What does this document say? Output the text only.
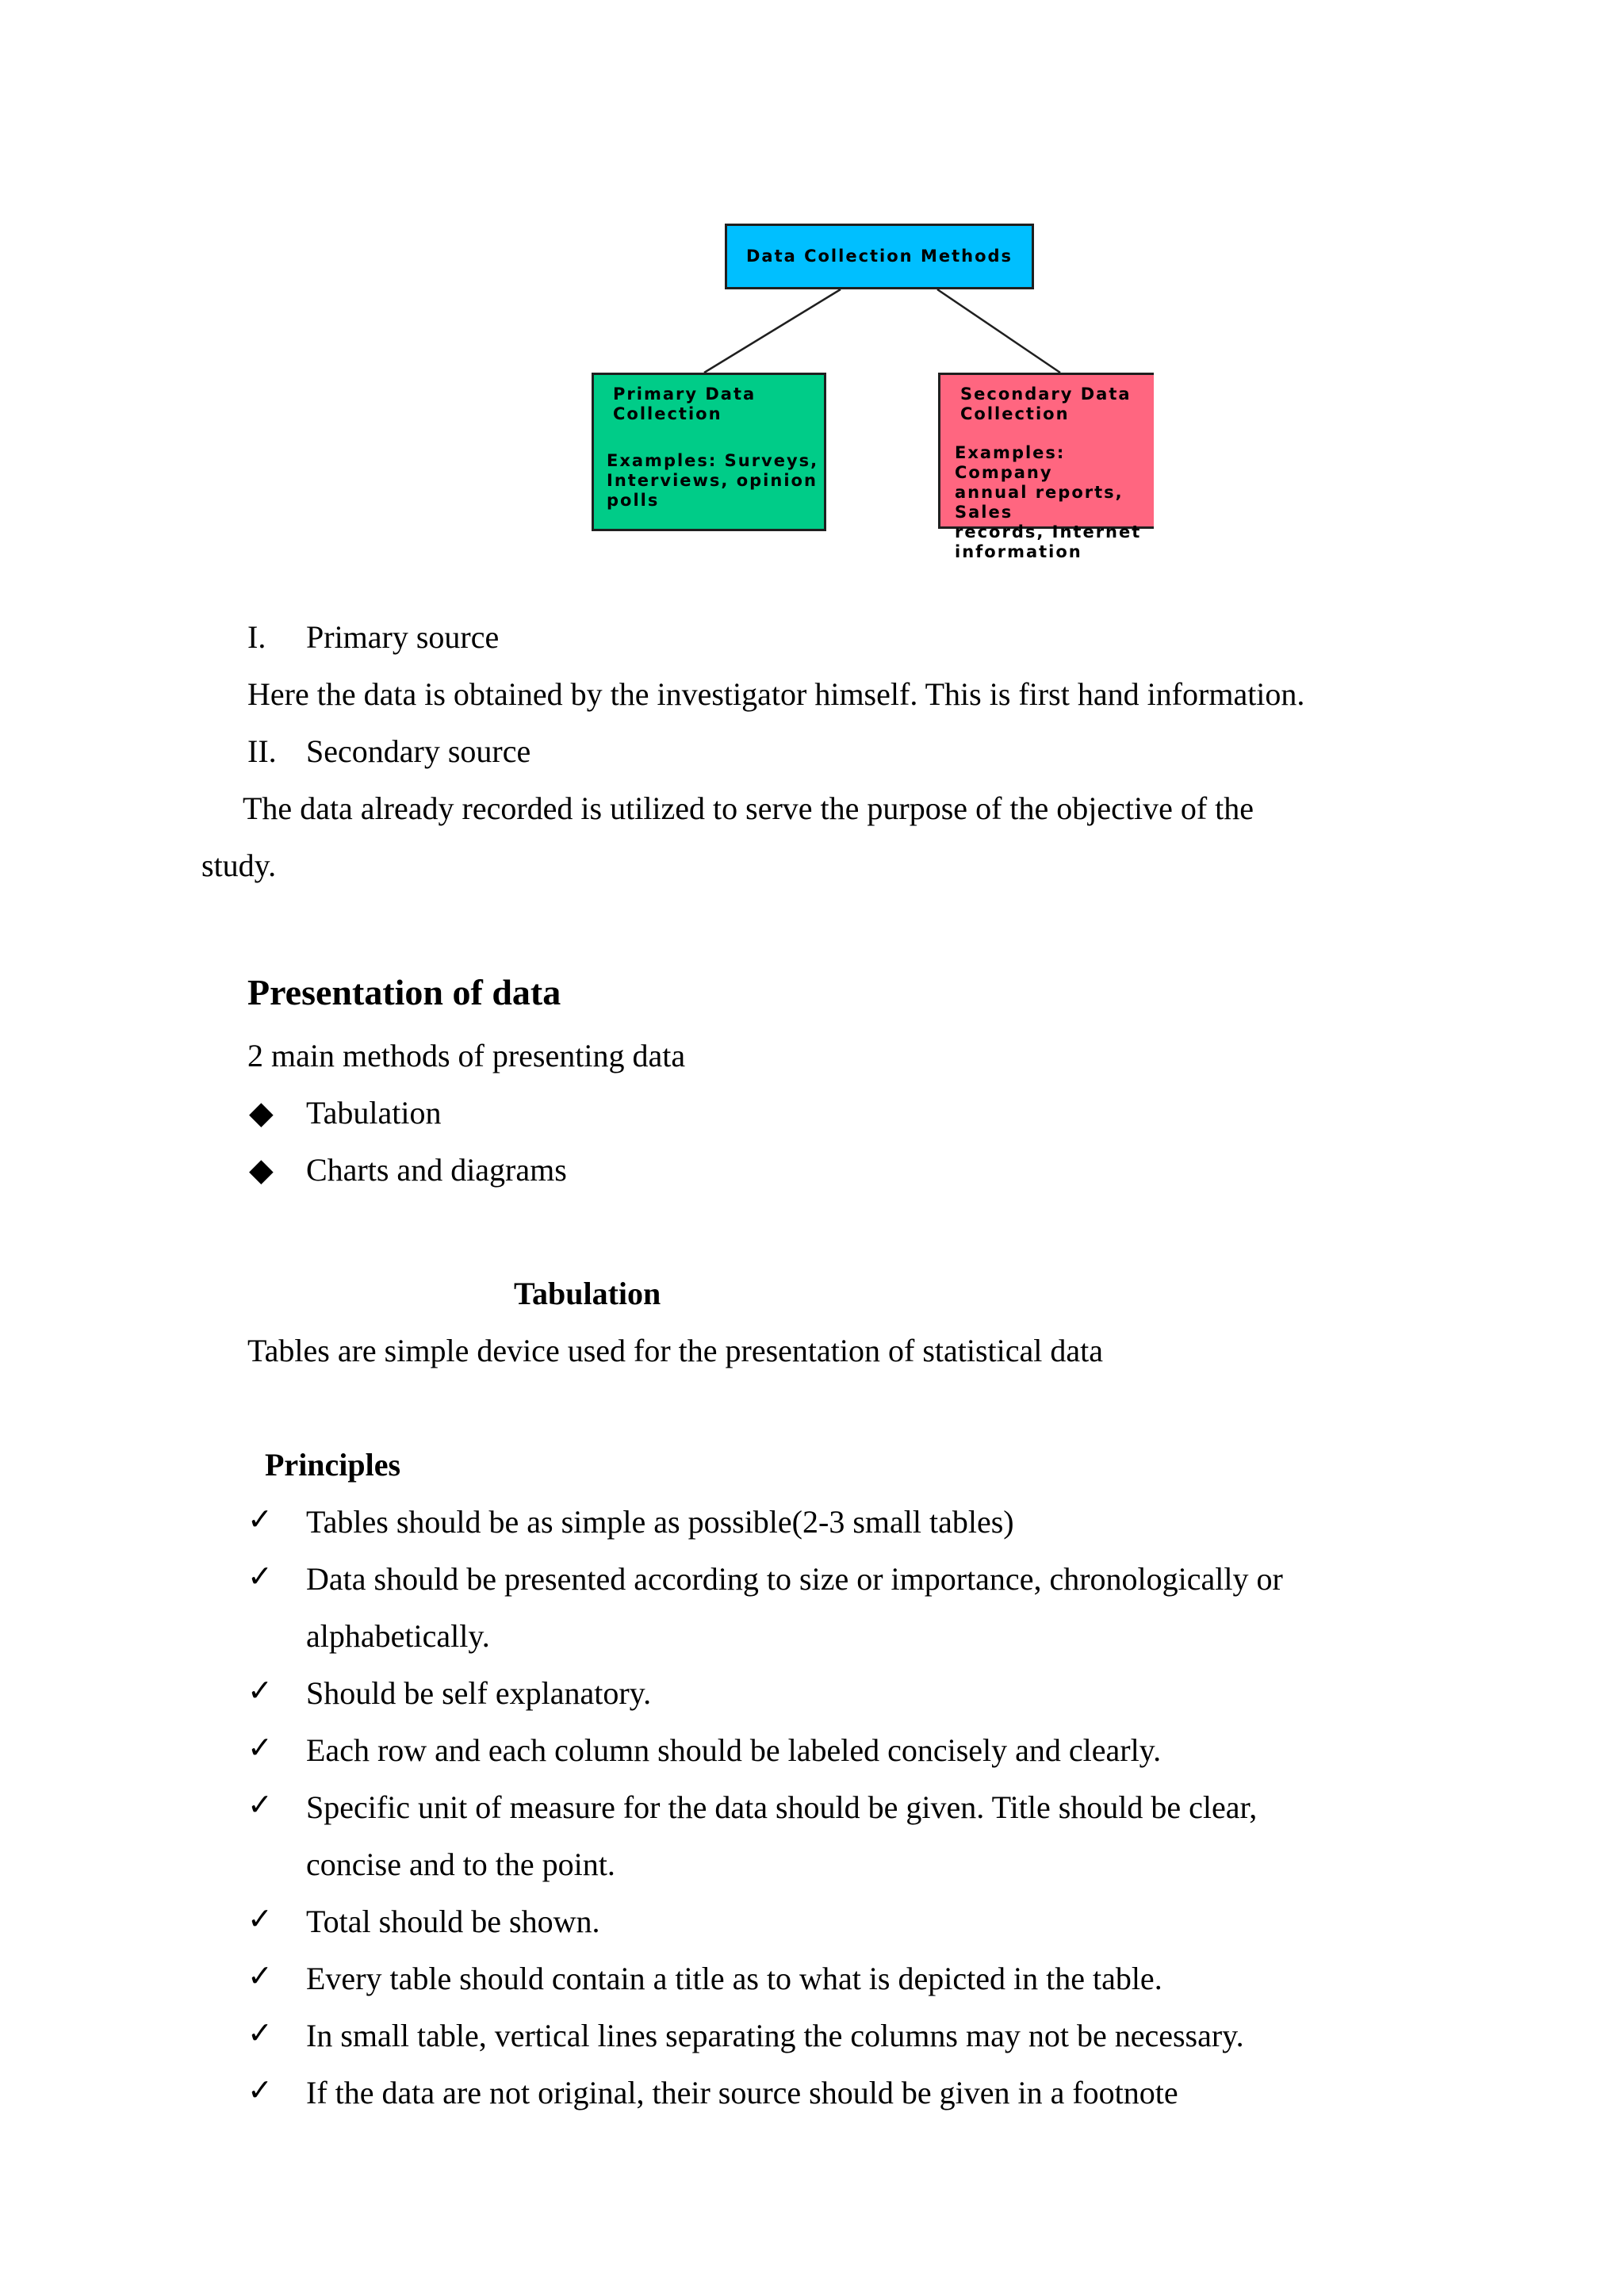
Data Collection Methods
Primary Data
Collection
Examples: Surveys,
Interviews, opinion
polls
Secondary Data
Collection
Examples: Company
annual reports, Sales
records, Internet
information
I. Primary source
Here the data is obtained by the investigator himself. This is first hand information.
II. Secondary source
The data already recorded is utilized to serve the purpose of the objective of the
study.
Presentation of data
2 main methods of presenting data
◆ Tabulation
◆ Charts and diagrams
Tabulation
Tables are simple device used for the presentation of statistical data
Principles
✓ Tables should be as simple as possible(2-3 small tables)
✓ Data should be presented according to size or importance, chronologically or
alphabetically.
✓ Should be self explanatory.
✓ Each row and each column should be labeled concisely and clearly.
✓ Specific unit of measure for the data should be given. Title should be clear,
concise and to the point.
✓ Total should be shown.
✓ Every table should contain a title as to what is depicted in the table.
✓ In small table, vertical lines separating the columns may not be necessary.
✓ If the data are not original, their source should be given in a footnote
